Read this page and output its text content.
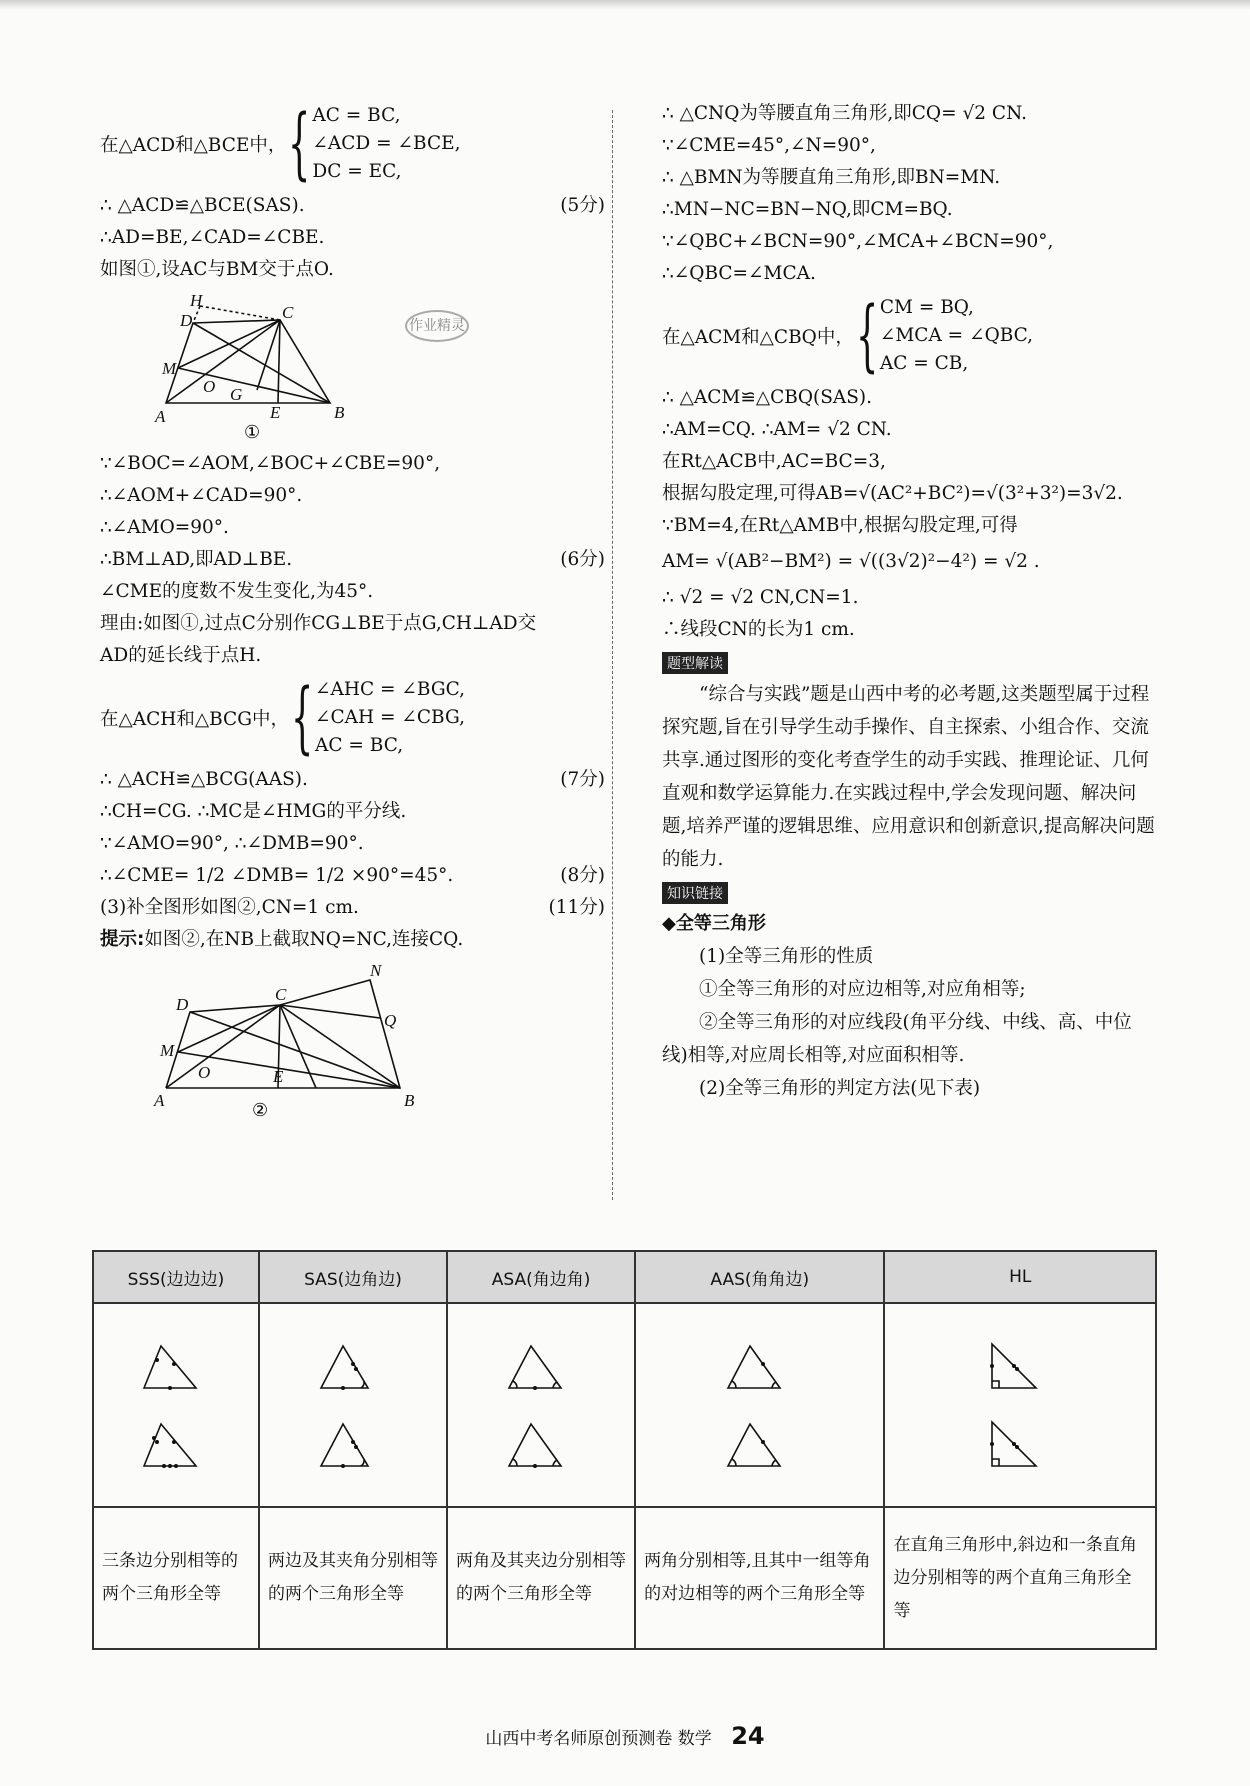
在△ACD和△BCE中， { AC = BC,
∠ACD = ∠BCE,
DC = EC,
∴ △ACD≌△BCE(SAS).	(5分)
∴AD=BE,∠CAD=∠CBE.
如图①,设AC与BM交于点O.
H
D	C
M
O G
E
A	B
①
∵∠BOC=∠AOM,∠BOC+∠CBE=90°,
∴∠AOM+∠CAD=90°.
∴∠AMO=90°.
∴BM⊥AD,即AD⊥BE.	(6分)
∠CME的度数不发生变化,为45°.
理由:如图①,过点C分别作CG⊥BE于点G,CH⊥AD交
AD的延长线于点H.
在△ACH和△BCG中， { ∠AHC = ∠BGC,
∠CAH = ∠CBG,
AC = BC,
∴ △ACH≌△BCG(AAS).	(7分)
∴CH=CG. ∴MC是∠HMG的平分线.
∵∠AMO=90°, ∴∠DMB=90°.
∴∠CME= 1/2 ∠DMB= 1/2 ×90°=45°.	(8分)
(3)补全图形如图②,CN=1 cm.	(11分)
提示:如图②,在NB上截取NQ=NC,连接CQ.
N
D
C
Q
M
O	E
A	B
②
∴ △CNQ为等腰直角三角形,即CQ= √2 CN.
∵∠CME=45°,∠N=90°,
∴ △BMN为等腰直角三角形,即BN=MN.
∴MN−NC=BN−NQ,即CM=BQ.
∵∠QBC+∠BCN=90°,∠MCA+∠BCN=90°,
∴∠QBC=∠MCA.
在△ACM和△CBQ中， { CM = BQ,
∠MCA = ∠QBC,
AC = CB,
∴ △ACM≌△CBQ(SAS).
∴AM=CQ. ∴AM= √2 CN.
在Rt△ACB中,AC=BC=3,
根据勾股定理,可得AB=√(AC²+BC²)=√(3²+3²)=3√2.
∵BM=4,在Rt△AMB中,根据勾股定理,可得
AM= √(AB²−BM²) = √((3√2)²−4²) = √2 .
∴ √2 = √2 CN,CN=1.
∴线段CN的长为1 cm.
题型解读
“综合与实践”题是山西中考的必考题,这类题型属于过程探究题,旨在引导学生动手操作、自主探索、小组合作、交流共享.通过图形的变化考查学生的动手实践、推理论证、几何直观和数学运算能力.在实践过程中,学会发现问题、解决问题,培养严谨的逻辑思维、应用意识和创新意识,提高解决问题的能力.
知识链接
◆全等三角形
(1)全等三角形的性质
①全等三角形的对应边相等,对应角相等;
②全等三角形的对应线段(角平分线、中线、高、中位线)相等,对应周长相等,对应面积相等.
(2)全等三角形的判定方法(见下表)
SSS(边边边)	SAS(边角边)	ASA(角边角)	AAS(角角边)	HL

三条边分别相等的两个三角形全等	两边及其夹角分别相等的两个三角形全等	两角及其夹边分别相等的两个三角形全等	两角分别相等,且其中一组等角的对边相等的两个三角形全等	在直角三角形中,斜边和一条直角边分别相等的两个直角三角形全等
作业精灵
山西中考名师原创预测卷 数学 24
